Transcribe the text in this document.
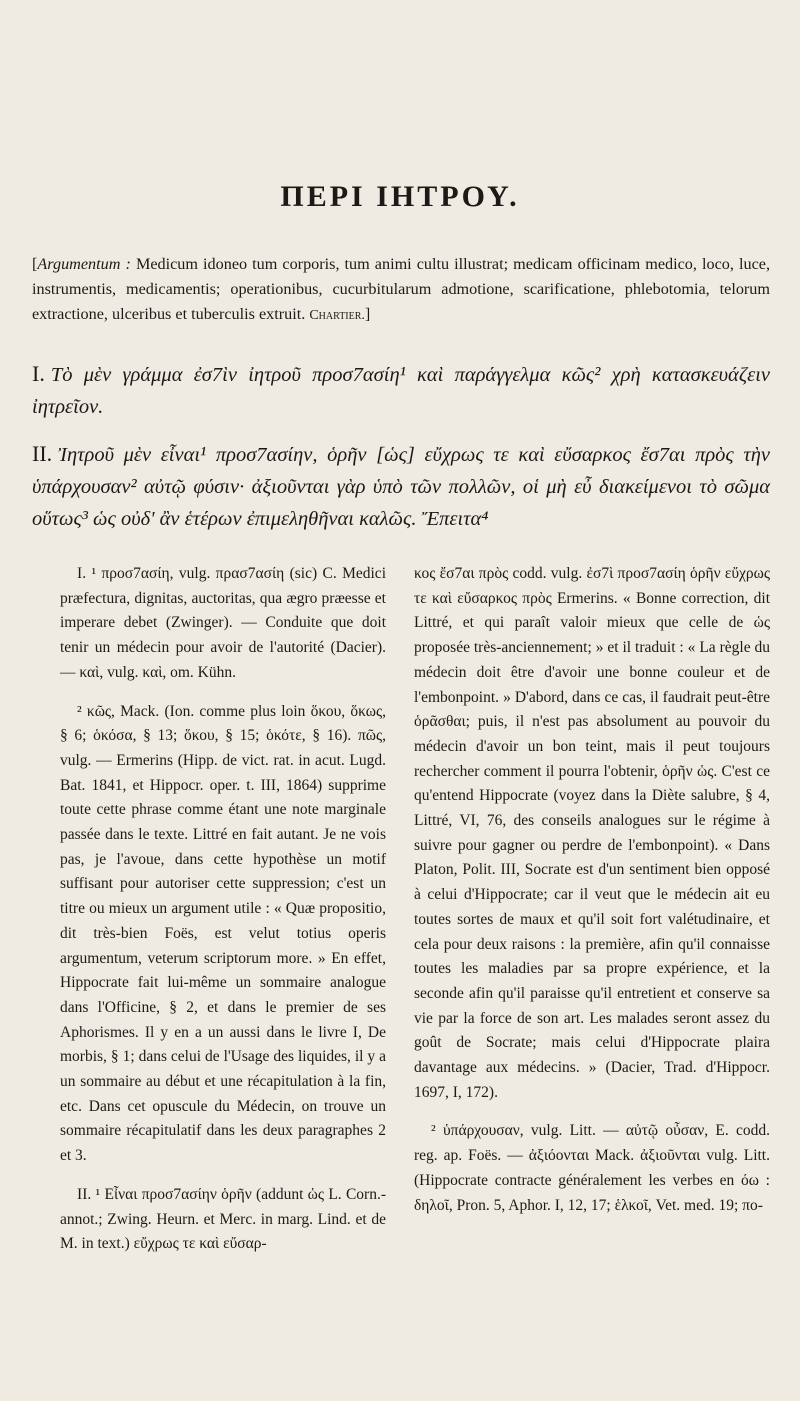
ΠΕΡΙ ΙΗΤΡΟΥ.
[Argumentum : Medicum idoneo tum corporis, tum animi cultu illustrat; medicam officinam medico, loco, luce, instrumentis, medicamentis; operationibus, cucurbitularum admotione, scarificatione, phlebotomia, telorum extractione, ulceribus et tuberculis extruit. Chartier.]
I. Τὸ μὲν γράμμα ἐσ7ὶν ἰητροῦ προσ7ασίη¹ καὶ παράγγελμα κῶς² χρὴ κατασκευάζειν ἰητρεῖον.
II. Ἰητροῦ μὲν εἶναι¹ προσ7ασίην, ὁρῆν [ὡς] εὔχρως τε καὶ εὔσαρκος ἔσ7αι πρὸς τὴν ὑπάρχουσαν² αὐτῷ φύσιν· ἀξιοῦνται γὰρ ὑπὸ τῶν πολλῶν, οἱ μὴ εὖ διακείμενοι τὸ σῶμα οὕτως³ ὡς οὐδ' ἂν ἑτέρων ἐπιμεληθῆναι καλῶς. Ἔπειτα⁴

I. ¹ προσ7ασίη, vulg. πρασ7ασίη (sic) C. Medici præfectura, dignitas, auctoritas, qua ægro præesse et imperare debet (Zwinger). — Conduite que doit tenir un médecin pour avoir de l'autorité (Dacier). — καὶ, vulg. καὶ, om. Kühn.

² κῶς, Mack. (Ion. comme plus loin ὅκου, ὅκως, § 6; ὁκόσα, § 13; ὅκου, § 15; ὁκότε, § 16). πῶς, vulg. — Ermerins (Hipp. de vict. rat. in acut. Lugd. Bat. 1841, et Hippocr. oper. t. III, 1864) supprime toute cette phrase comme étant une note marginale passée dans le texte. Littré en fait autant. Je ne vois pas, je l'avoue, dans cette hypothèse un motif suffisant pour autoriser cette suppression; c'est un titre ou mieux un argument utile : « Quæ propositio, dit très-bien Foës, est velut totius operis argumentum, veterum scriptorum more. » En effet, Hippocrate fait lui-même un sommaire analogue dans l'Officine, § 2, et dans le premier de ses Aphorismes. Il y en a un aussi dans le livre I, De morbis, § 1; dans celui de l'Usage des liquides, il y a un sommaire au début et une récapitulation à la fin, etc. Dans cet opuscule du Médecin, on trouve un sommaire récapitulatif dans les deux paragraphes 2 et 3.

II. ¹ Εἶναι προσ7ασίην ὁρῆν (addunt ὡς L. Corn.-annot.; Zwing. Heurn. et Merc. in marg. Lind. et de M. in text.) εὔχρως τε καὶ εὔσαρ-

κος ἔσ7αι πρὸς codd. vulg. ἐσ7ὶ προσ7ασίη ὁρῆν εὔχρως τε καὶ εὔσαρκος πρὸς Ermerins. « Bonne correction, dit Littré, et qui paraît valoir mieux que celle de ὡς proposée très-anciennement; » et il traduit : « La règle du médecin doit être d'avoir une bonne couleur et de l'embonpoint. » D'abord, dans ce cas, il faudrait peut-être ὁρᾶσθαι; puis, il n'est pas absolument au pouvoir du médecin d'avoir un bon teint, mais il peut toujours rechercher comment il pourra l'obtenir, ὁρῆν ὡς. C'est ce qu'entend Hippocrate (voyez dans la Diète salubre, § 4, Littré, VI, 76, des conseils analogues sur le régime à suivre pour gagner ou perdre de l'embonpoint). « Dans Platon, Polit. III, Socrate est d'un sentiment bien opposé à celui d'Hippocrate; car il veut que le médecin ait eu toutes sortes de maux et qu'il soit fort valétudinaire, et cela pour deux raisons : la première, afin qu'il connaisse toutes les maladies par sa propre expérience, et la seconde afin qu'il paraisse qu'il entretient et conserve sa vie par la force de son art. Les malades seront assez du goût de Socrate; mais celui d'Hippocrate plaira davantage aux médecins. » (Dacier, Trad. d'Hippocr. 1697, I, 172).

² ὑπάρχουσαν, vulg. Litt. — αὐτῷ οὖσαν, E. codd. reg. ap. Foës. — ἀξιόονται Mack. ἀξιοῦνται vulg. Litt. (Hippocrate contracte généralement les verbes en όω : δηλοῖ, Pron. 5, Aphor. I, 12, 17; ἑλκοῖ, Vet. med. 19; πο-
